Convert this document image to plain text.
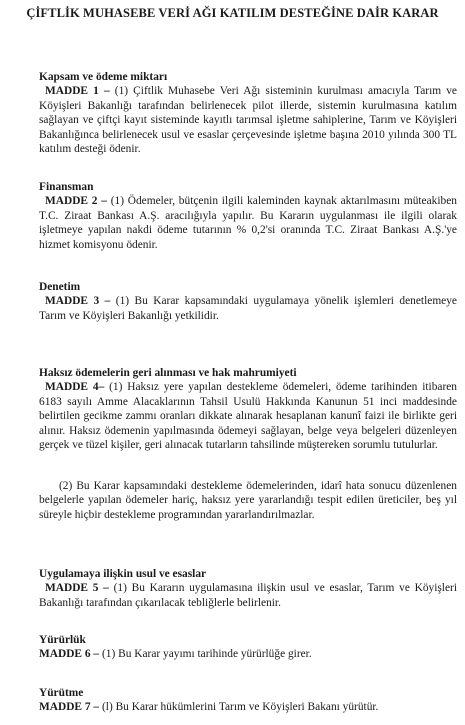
ÇİFTLİK MUHASEBE VERİ AĞI KATILIM DESTEĞİNE DAİR KARAR
Kapsam ve ödeme miktarı
MADDE 1 – (1) Çiftlik Muhasebe Veri Ağı sisteminin kurulması amacıyla Tarım ve Köyişleri Bakanlığı tarafından belirlenecek pilot illerde, sistemin kurulmasına katılım sağlayan ve çiftçi kayıt sisteminde kayıtlı tarımsal işletme sahiplerine, Tarım ve Köyişleri Bakanlığınca belirlenecek usul ve esaslar çerçevesinde işletme başına 2010 yılında 300 TL katılım desteği ödenir.
Finansman
MADDE 2 – (1) Ödemeler, bütçenin ilgili kaleminden kaynak aktarılmasını müteakiben T.C. Ziraat Bankası A.Ş. aracılığıyla yapılır. Bu Kararın uygulanması ile ilgili olarak işletmeye yapılan nakdi ödeme tutarının % 0,2'si oranında T.C. Ziraat Bankası A.Ş.'ye hizmet komisyonu ödenir.
Denetim
MADDE 3 – (1) Bu Karar kapsamındaki uygulamaya yönelik işlemleri denetlemeye Tarım ve Köyişleri Bakanlığı yetkilidir.
Haksız ödemelerin geri alınması ve hak mahrumiyeti
MADDE 4– (1) Haksız yere yapılan destekleme ödemeleri, ödeme tarihinden itibaren 6183 sayılı Amme Alacaklarının Tahsil Usulü Hakkında Kanunun 51 inci maddesinde belirtilen gecikme zammı oranları dikkate alınarak hesaplanan kanunî faizi ile birlikte geri alınır. Haksız ödemenin yapılmasında ödemeyi sağlayan, belge veya belgeleri düzenleyen gerçek ve tüzel kişiler, geri alınacak tutarların tahsilinde müştereken sorumlu tutulurlar.
(2) Bu Karar kapsamındaki destekleme ödemelerinden, idarî hata sonucu düzenlenen belgelerle yapılan ödemeler hariç, haksız yere yararlandığı tespit edilen üreticiler, beş yıl süreyle hiçbir destekleme programından yararlandırılmazlar.
Uygulamaya ilişkin usul ve esaslar
MADDE 5 – (1) Bu Kararın uygulamasına ilişkin usul ve esaslar, Tarım ve Köyişleri Bakanlığı tarafından çıkarılacak tebliğlerle belirlenir.
Yürürlük
MADDE 6 – (1) Bu Karar yayımı tarihinde yürürlüğe girer.
Yürütme
MADDE 7 – (l) Bu Karar hükümlerini Tarım ve Köyişleri Bakanı yürütür.
